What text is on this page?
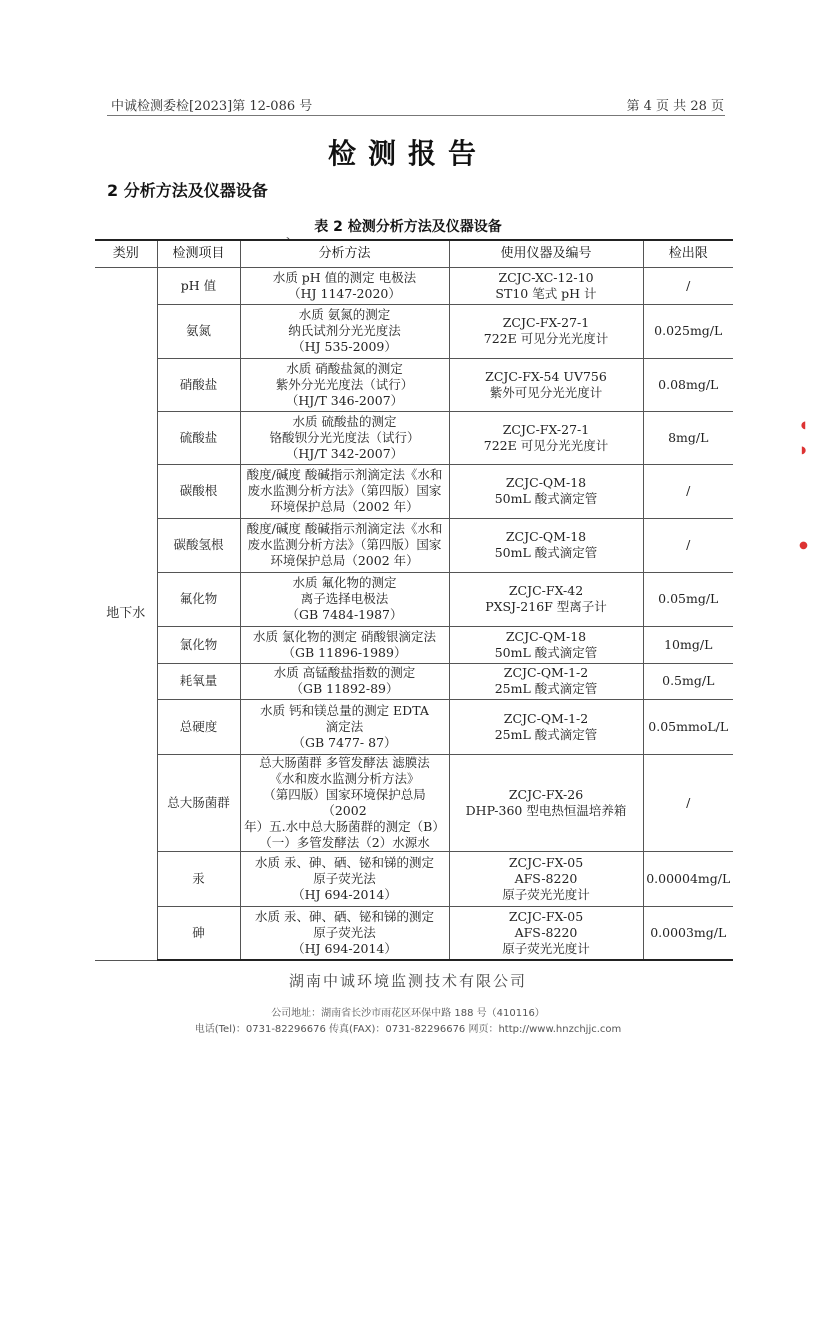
中诚检测委检[2023]第 12-086 号	第 4 页 共 28 页
检测报告
2 分析方法及仪器设备
、	表 2 检测分析方法及仪器设备
类别	检测项目	分析方法	使用仪器及编号	检出限
地下水	pH 值	水质 pH 值的测定 电极法
（HJ 1147-2020）	ZCJC-XC-12-10
ST10 笔式 pH 计	/
	氨氮	水质 氨氮的测定
纳氏试剂分光光度法
（HJ 535-2009）	ZCJC-FX-27-1
722E 可见分光光度计	0.025mg/L
	硝酸盐	水质 硝酸盐氮的测定
紫外分光光度法（试行）
（HJ/T 346-2007）	ZCJC-FX-54 UV756
紫外可见分光光度计	0.08mg/L
	硫酸盐	水质 硫酸盐的测定
铬酸钡分光光度法（试行）
（HJ/T 342-2007）	ZCJC-FX-27-1
722E 可见分光光度计	8mg/L
	碳酸根	酸度/碱度 酸碱指示剂滴定法《水和
废水监测分析方法》（第四版）国家
环境保护总局（2002 年）	ZCJC-QM-18
50mL 酸式滴定管	/
	碳酸氢根	酸度/碱度 酸碱指示剂滴定法《水和
废水监测分析方法》（第四版）国家
环境保护总局（2002 年）	ZCJC-QM-18
50mL 酸式滴定管	/
	氟化物	水质 氟化物的测定
离子选择电极法
（GB 7484-1987）	ZCJC-FX-42
PXSJ-216F 型离子计	0.05mg/L
	氯化物	水质 氯化物的测定 硝酸银滴定法
（GB 11896-1989）	ZCJC-QM-18
50mL 酸式滴定管	10mg/L
	耗氧量	水质 高锰酸盐指数的测定
（GB 11892-89）	ZCJC-QM-1-2
25mL 酸式滴定管	0.5mg/L
	总硬度	水质 钙和镁总量的测定 EDTA
滴定法
（GB 7477- 87）	ZCJC-QM-1-2
25mL 酸式滴定管	0.05mmoL/L
	总大肠菌群	总大肠菌群 多管发酵法 滤膜法
《水和废水监测分析方法》
（第四版）国家环境保护总局（2002
年）五.水中总大肠菌群的测定（B）
（一）多管发酵法（2）水源水	ZCJC-FX-26
DHP-360 型电热恒温培养箱	/
	汞	水质 汞、砷、硒、铋和锑的测定
原子荧光法
（HJ 694-2014）	ZCJC-FX-05
AFS-8220
原子荧光光度计	0.00004mg/L
	砷	水质 汞、砷、硒、铋和锑的测定
原子荧光法
（HJ 694-2014）	ZCJC-FX-05
AFS-8220
原子荧光光度计	0.0003mg/L
湖南中诚环境监测技术有限公司
公司地址：湖南省长沙市雨花区环保中路 188 号（410116）
电话(Tel)：0731-82296676 传真(FAX)：0731-82296676 网页：http://www.hnzchjjc.com
◖
◗
●
